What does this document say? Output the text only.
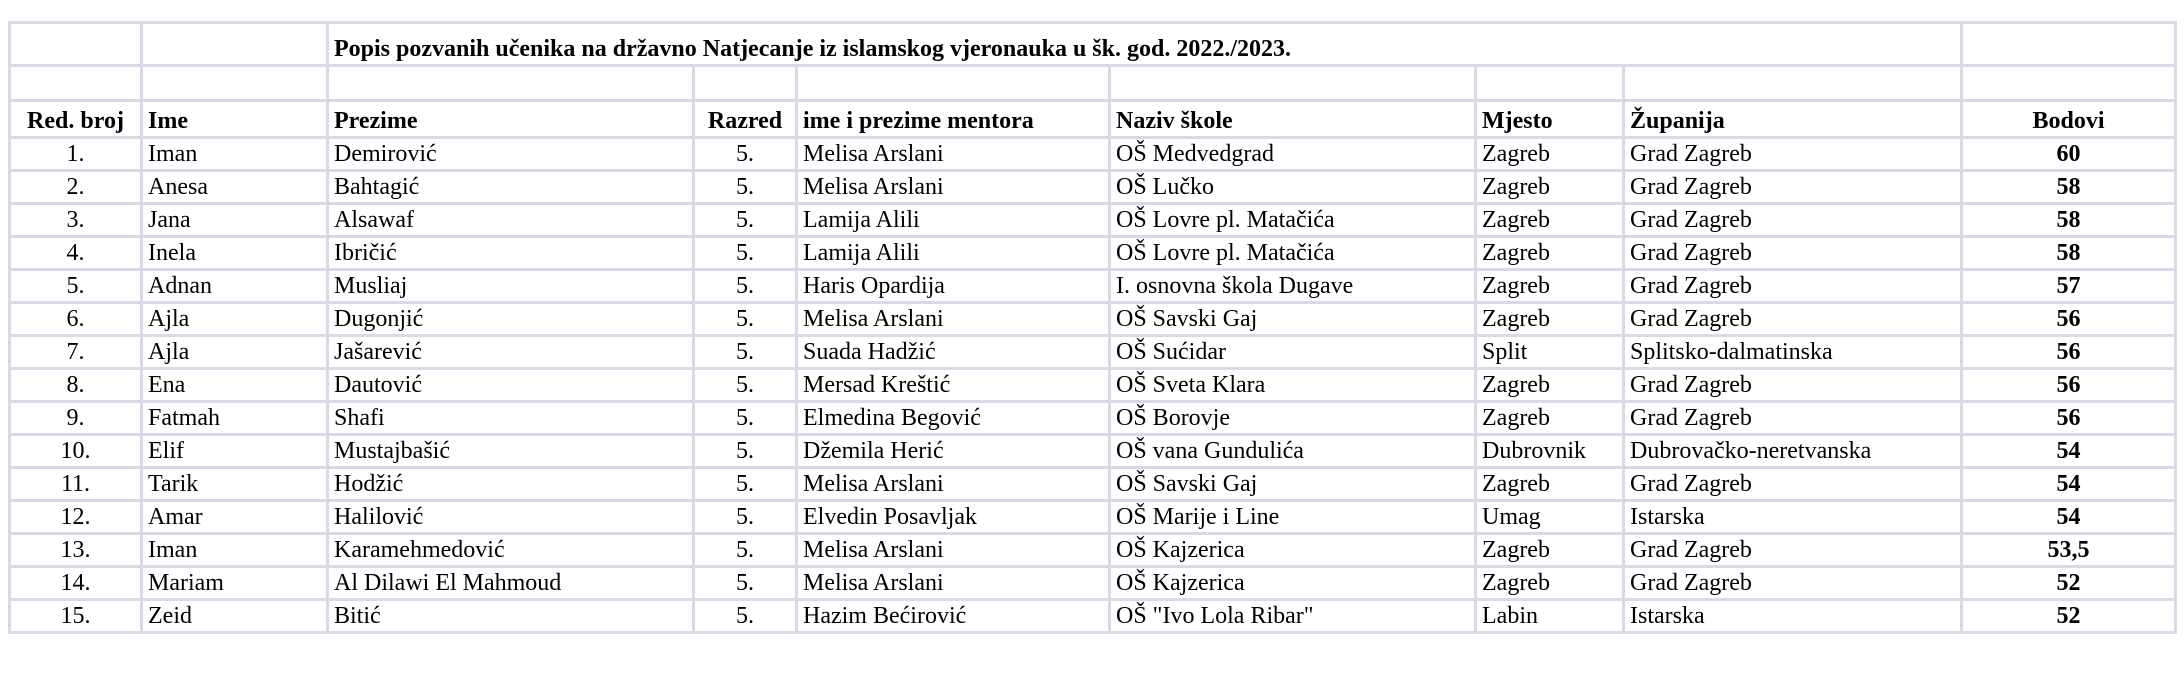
		Popis pozvanih učenika na državno Natjecanje iz islamskog vjeronauka u šk. god. 2022./2023.						

Red. broj	Ime	Prezime	Razred	ime i prezime mentora	Naziv škole	Mjesto	Županija	Bodovi
1.	Iman	Demirović	5.	Melisa Arslani	OŠ Medvedgrad	Zagreb	Grad Zagreb	60
2.	Anesa	Bahtagić	5.	Melisa Arslani	OŠ Lučko	Zagreb	Grad Zagreb	58
3.	Jana	Alsawaf	5.	Lamija Alili	OŠ Lovre pl. Matačića	Zagreb	Grad Zagreb	58
4.	Inela	Ibričić	5.	Lamija Alili	OŠ Lovre pl. Matačića	Zagreb	Grad Zagreb	58
5.	Adnan	Musliaj	5.	Haris Opardija	I. osnovna škola Dugave	Zagreb	Grad Zagreb	57
6.	Ajla	Dugonjić	5.	Melisa Arslani	OŠ Savski Gaj	Zagreb	Grad Zagreb	56
7.	Ajla	Jašarević	5.	Suada Hadžić	OŠ Sućidar	Split	Splitsko-dalmatinska	56
8.	Ena	Dautović	5.	Mersad Kreštić	OŠ Sveta Klara	Zagreb	Grad Zagreb	56
9.	Fatmah	Shafi	5.	Elmedina Begović	OŠ Borovje	Zagreb	Grad Zagreb	56
10.	Elif	Mustajbašić	5.	Džemila Herić	OŠ vana Gundulića	Dubrovnik	Dubrovačko-neretvanska	54
11.	Tarik	Hodžić	5.	Melisa Arslani	OŠ Savski Gaj	Zagreb	Grad Zagreb	54
12.	Amar	Halilović	5.	Elvedin Posavljak	OŠ Marije i Line	Umag	Istarska	54
13.	Iman	Karamehmedović	5.	Melisa Arslani	OŠ Kajzerica	Zagreb	Grad Zagreb	53,5
14.	Mariam	Al Dilawi El Mahmoud	5.	Melisa Arslani	OŠ Kajzerica	Zagreb	Grad Zagreb	52
15.	Zeid	Bitić	5.	Hazim Bećirović	OŠ "Ivo Lola Ribar"	Labin	Istarska	52
